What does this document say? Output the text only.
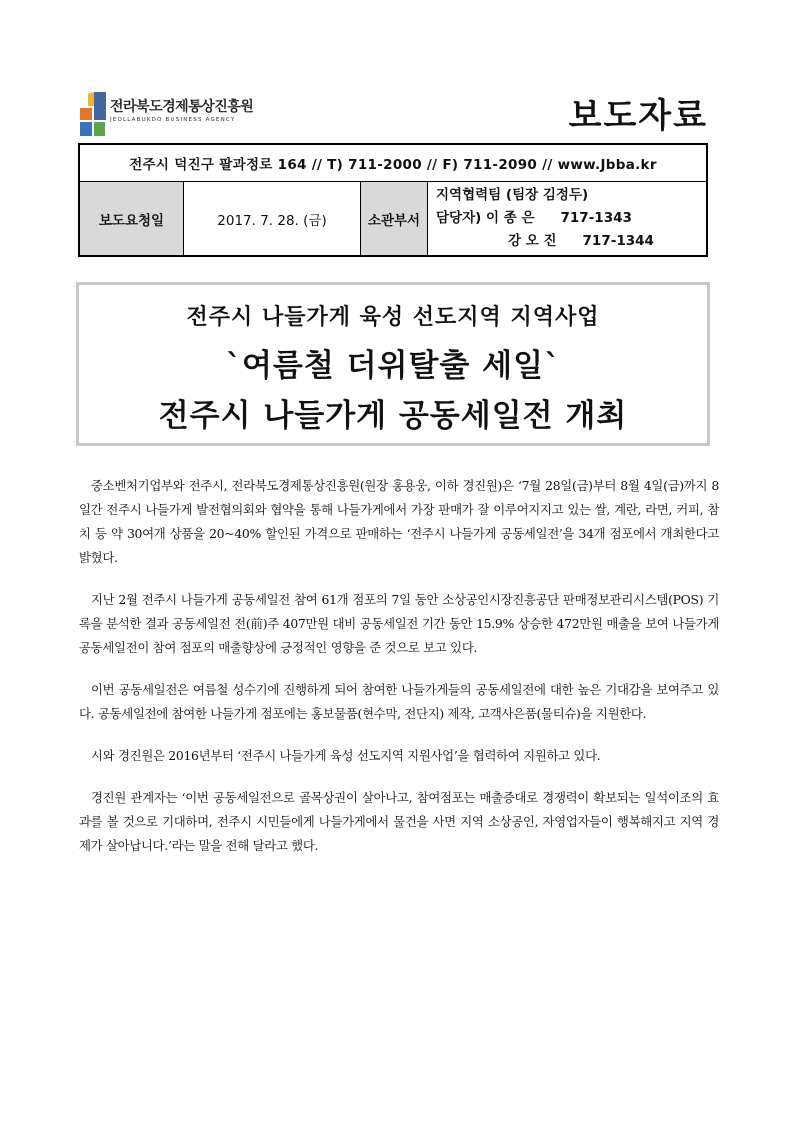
전라북도경제통상진흥원
JEOLLABUKDO BUSINESS AGENCY	보도자료
전주시 덕진구 팔과정로 164 // T) 711-2000 // F) 711-2090 // www.Jbba.kr
보도요청일	2017. 7. 28. (금)	소관부서	
지역협력팀 (팀장 김정두)
담당자) 이 종 은 717-1343
강 오 진 717-1344
전주시 나들가게 육성 선도지역 지역사업
`여름철 더위탈출 세일`
전주시 나들가게 공동세일전 개최

중소벤처기업부와 전주시, 전라북도경제통상진흥원(원장 홍용웅, 이하 경진원)은 ‘7월 28일(금)부터 8월 4일(금)까지 8일간 전주시 나들가게 발전협의회와 협약을 통해 나들가게에서 가장 판매가 잘 이루어지지고 있는 쌀, 계란, 라면, 커피, 참치 등 약 30여개 상품을 20~40% 할인된 가격으로 판매하는 ‘전주시 나들가게 공동세일전’을 34개 점포에서 개최한다고 밝혔다.

지난 2월 전주시 나들가게 공동세일전 참여 61개 점포의 7일 동안 소상공인시장진흥공단 판매정보관리시스템(POS) 기록을 분석한 결과 공동세일전 전(前)주 407만원 대비 공동세일전 기간 동안 15.9% 상승한 472만원 매출을 보여 나들가게 공동세일전이 참여 점포의 매출향상에 긍정적인 영향을 준 것으로 보고 있다.

이번 공동세일전은 여름철 성수기에 진행하게 되어 참여한 나들가게들의 공동세일전에 대한 높은 기대감을 보여주고 있다. 공동세일전에 참여한 나들가게 점포에는 홍보물품(현수막, 전단지) 제작, 고객사은품(물티슈)을 지원한다.

시와 경진원은 2016년부터 ‘전주시 나들가게 육성 선도지역 지원사업’을 협력하여 지원하고 있다.

경진원 관계자는 ‘이번 공동세일전으로 골목상권이 살아나고, 참여점포는 매출증대로 경쟁력이 확보되는 일석이조의 효과를 볼 것으로 기대하며, 전주시 시민들에게 나들가게에서 물건을 사면 지역 소상공인, 자영업자들이 행복해지고 지역 경제가 살아납니다.’라는 말을 전해 달라고 했다.
